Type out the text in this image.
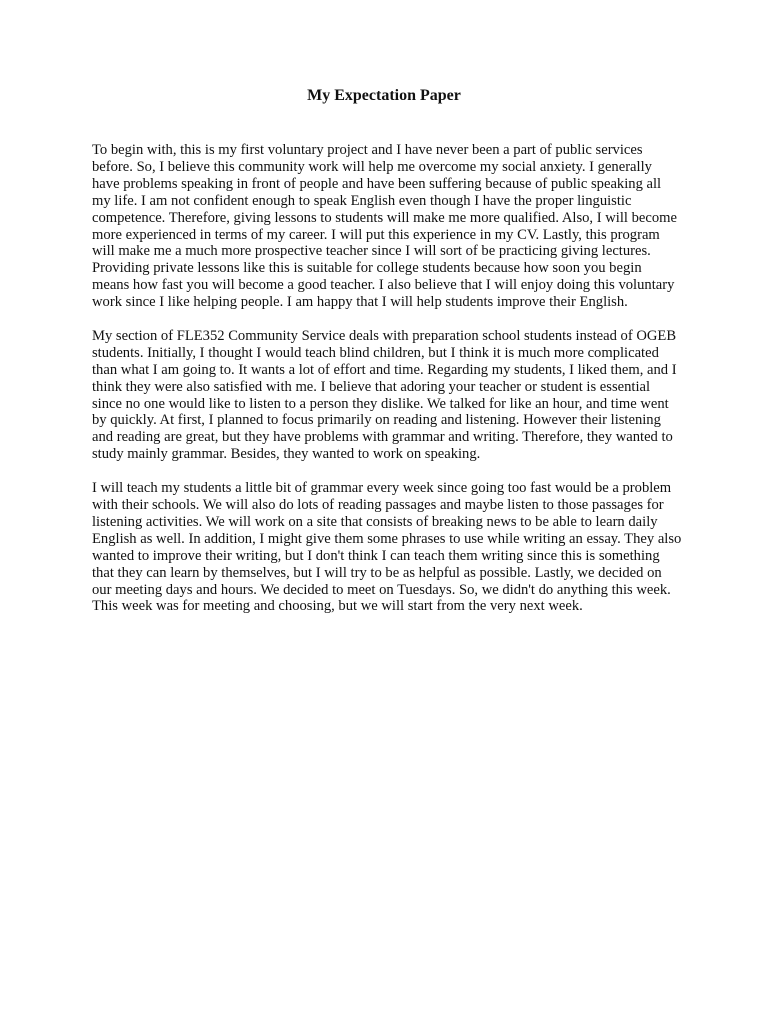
My Expectation Paper

To begin with, this is my first voluntary project and I have never been a part of public services before. So, I believe this community work will help me overcome my social anxiety. I generally have problems speaking in front of people and have been suffering because of public speaking all my life. I am not confident enough to speak English even though I have the proper linguistic competence. Therefore, giving lessons to students will make me more qualified. Also, I will become more experienced in terms of my career. I will put this experience in my CV. Lastly, this program will make me a much more prospective teacher since I will sort of be practicing giving lectures. Providing private lessons like this is suitable for college students because how soon you begin means how fast you will become a good teacher. I also believe that I will enjoy doing this voluntary work since I like helping people. I am happy that I will help students improve their English.

My section of FLE352 Community Service deals with preparation school students instead of OGEB students. Initially, I thought I would teach blind children, but I think it is much more complicated than what I am going to. It wants a lot of effort and time. Regarding my students, I liked them, and I think they were also satisfied with me. I believe that adoring your teacher or student is essential since no one would like to listen to a person they dislike. We talked for like an hour, and time went by quickly. At first, I planned to focus primarily on reading and listening. However their listening and reading are great, but they have problems with grammar and writing. Therefore, they wanted to study mainly grammar. Besides, they wanted to work on speaking.

I will teach my students a little bit of grammar every week since going too fast would be a problem with their schools. We will also do lots of reading passages and maybe listen to those passages for listening activities. We will work on a site that consists of breaking news to be able to learn daily English as well. In addition, I might give them some phrases to use while writing an essay. They also wanted to improve their writing, but I don't think I can teach them writing since this is something that they can learn by themselves, but I will try to be as helpful as possible. Lastly, we decided on our meeting days and hours. We decided to meet on Tuesdays. So, we didn't do anything this week. This week was for meeting and choosing, but we will start from the very next week.
